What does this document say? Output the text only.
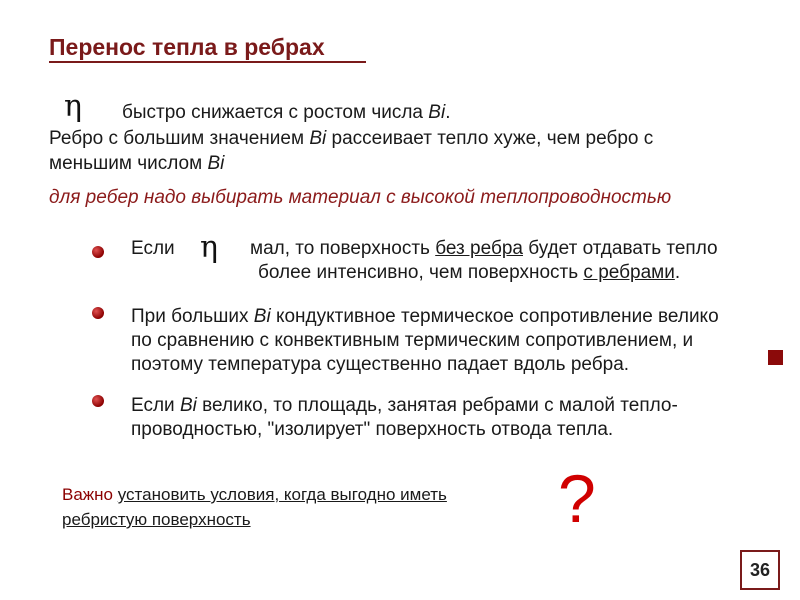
Перенос тепла в ребрах
η быстро снижается с ростом числа Bi.
Ребро с большим значением Bi рассеивает тепло хуже, чем ребро с
меньшим числом Bi
для ребер надо выбирать материал с высокой теплопроводностью
Если η мал, то поверхность без ребра будет отдавать тепло
более интенсивно, чем поверхность с ребрами.
При больших Bi кондуктивное термическое сопротивление велико
по сравнению с конвективным термическим сопротивлением, и
поэтому температура существенно падает вдоль ребра.
Если Bi велико, то площадь, занятая ребрами с малой тепло-
проводностью, "изолирует" поверхность отвода тепла.
Важно установить условия, когда выгодно иметь
ребристую поверхность	?
36
